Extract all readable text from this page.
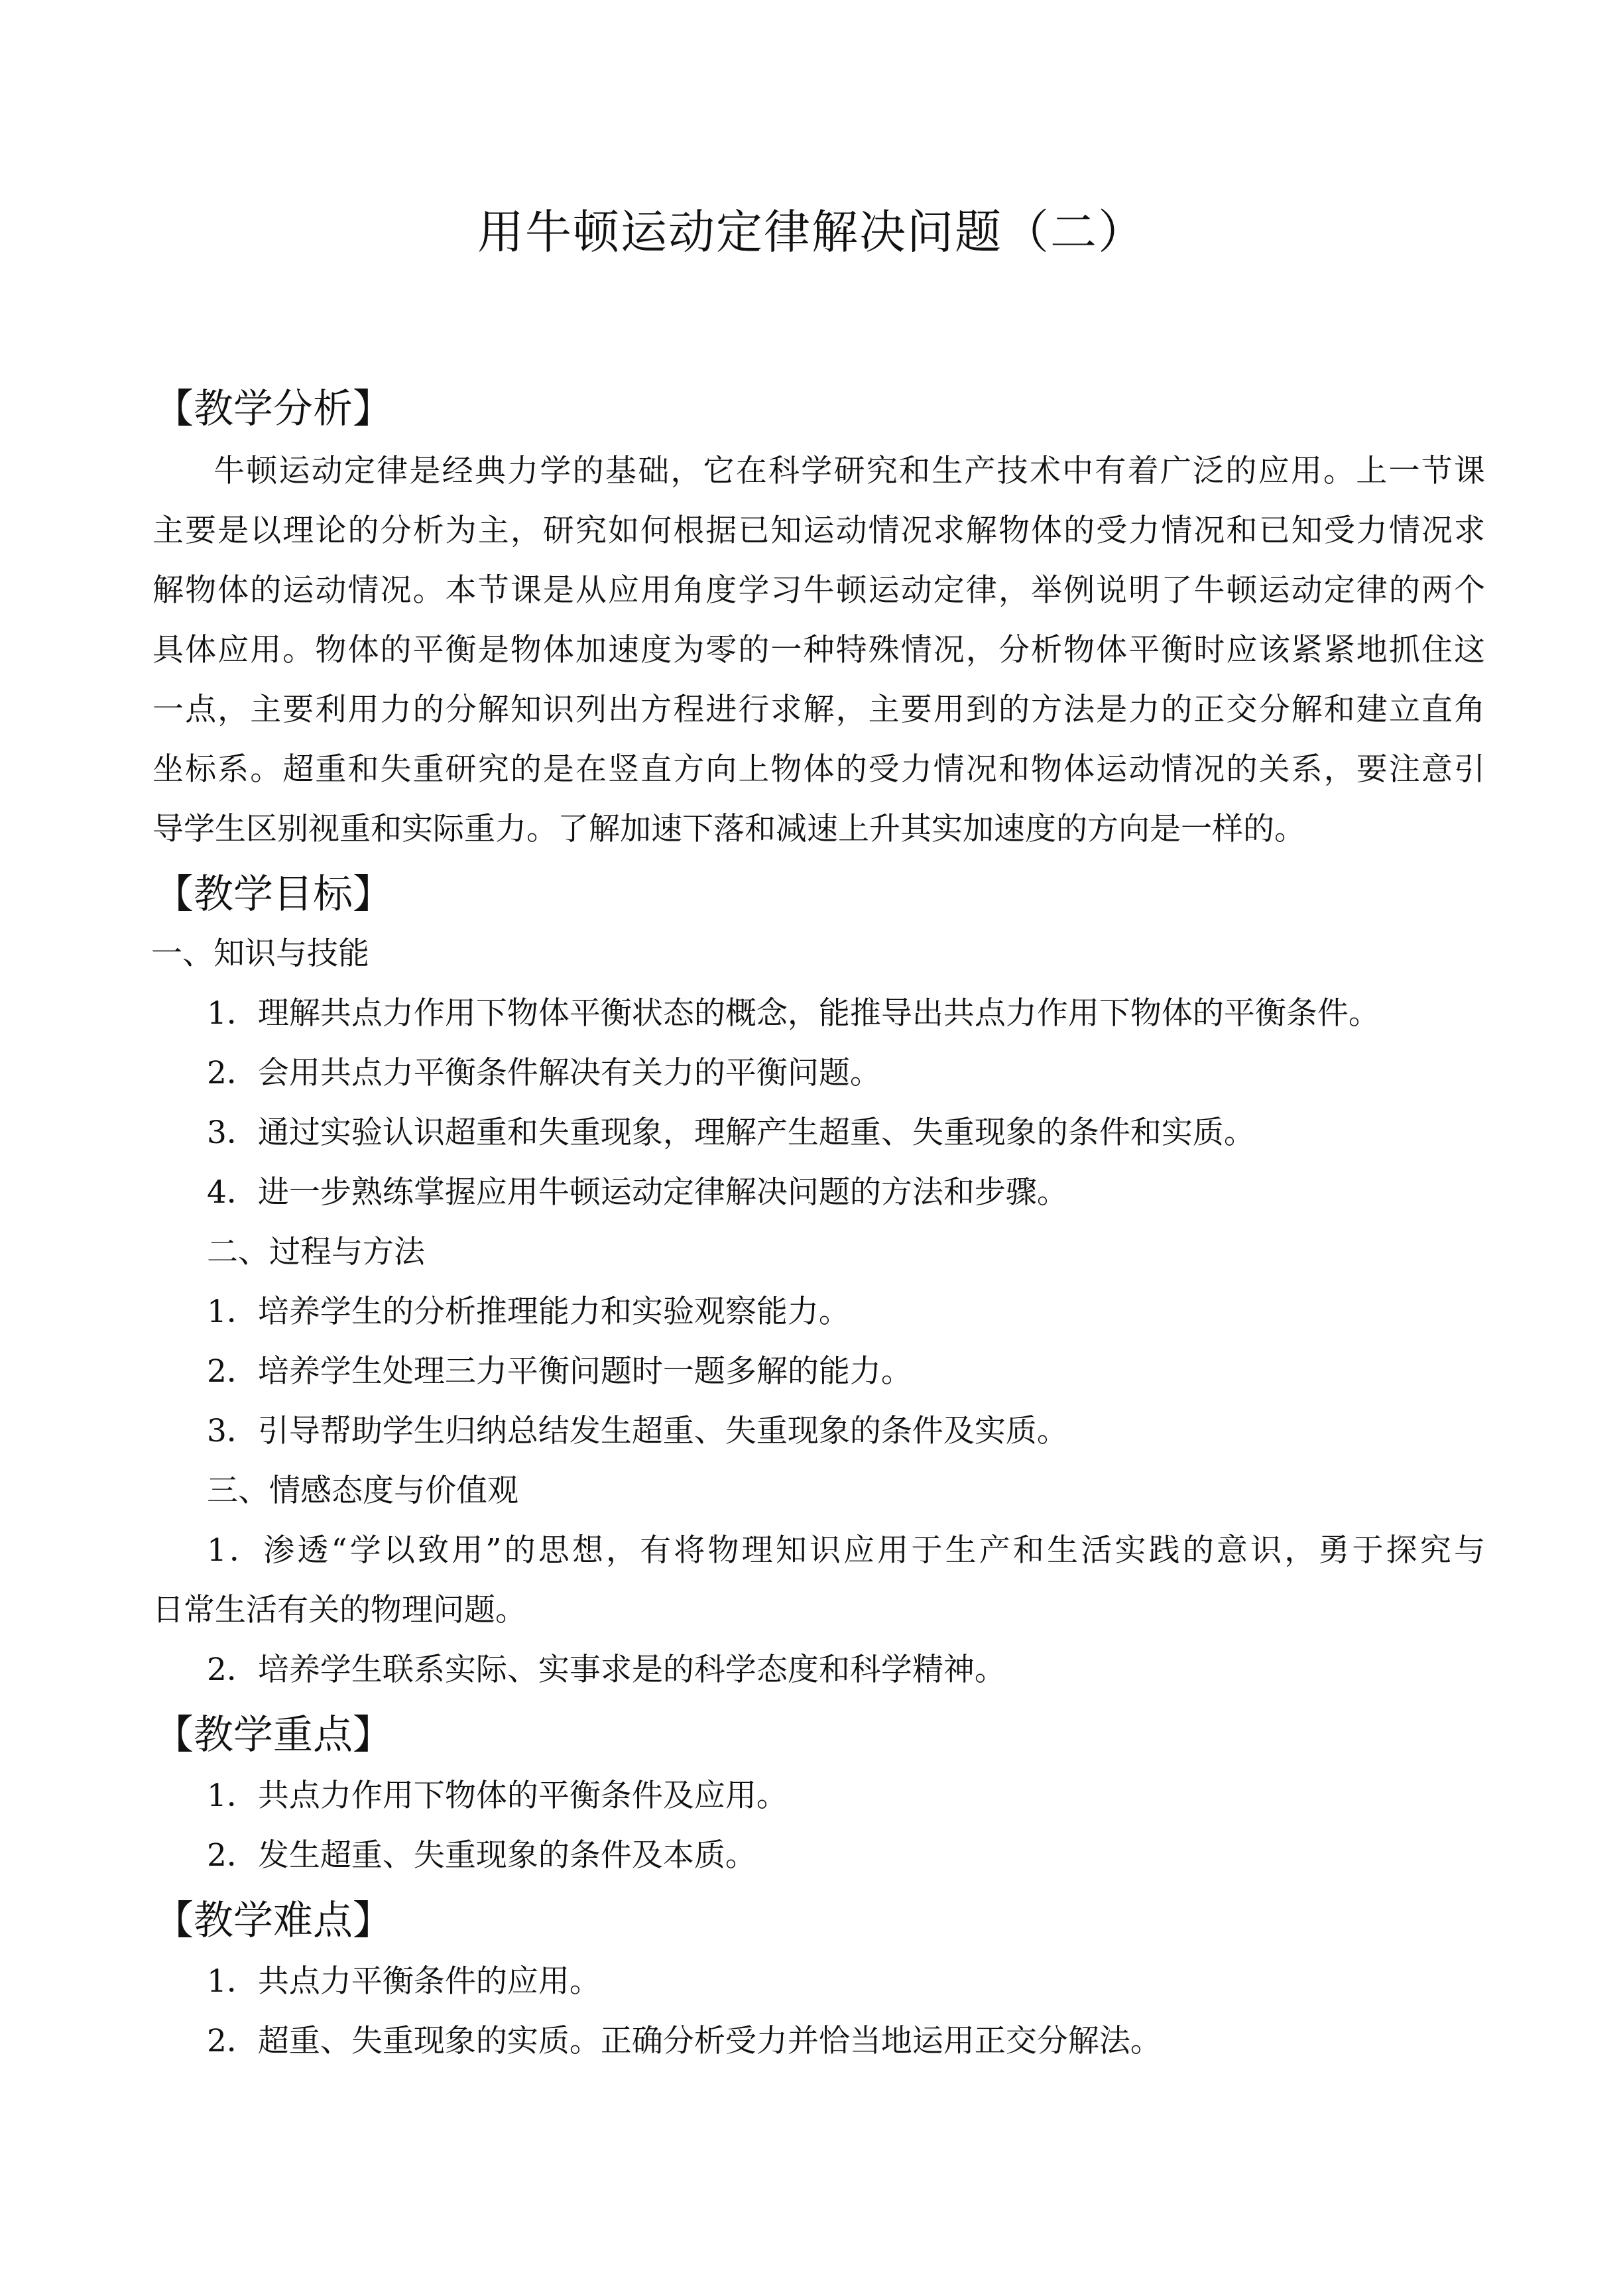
用牛顿运动定律解决问题（二）
【教学分析】
牛顿运动定律是经典力学的基础，它在科学研究和生产技术中有着广泛的应用。上一节课
主要是以理论的分析为主，研究如何根据已知运动情况求解物体的受力情况和已知受力情况求
解物体的运动情况。本节课是从应用角度学习牛顿运动定律，举例说明了牛顿运动定律的两个
具体应用。物体的平衡是物体加速度为零的一种特殊情况，分析物体平衡时应该紧紧地抓住这
一点，主要利用力的分解知识列出方程进行求解，主要用到的方法是力的正交分解和建立直角
坐标系。超重和失重研究的是在竖直方向上物体的受力情况和物体运动情况的关系，要注意引
导学生区别视重和实际重力。了解加速下落和减速上升其实加速度的方向是一样的。
【教学目标】
一、知识与技能
1．理解共点力作用下物体平衡状态的概念，能推导出共点力作用下物体的平衡条件。
2．会用共点力平衡条件解决有关力的平衡问题。
3．通过实验认识超重和失重现象，理解产生超重、失重现象的条件和实质。
4．进一步熟练掌握应用牛顿运动定律解决问题的方法和步骤。
二、过程与方法
1．培养学生的分析推理能力和实验观察能力。
2．培养学生处理三力平衡问题时一题多解的能力。
3．引导帮助学生归纳总结发生超重、失重现象的条件及实质。
三、情感态度与价值观
1．渗透“学以致用”的思想，有将物理知识应用于生产和生活实践的意识，勇于探究与
日常生活有关的物理问题。
2．培养学生联系实际、实事求是的科学态度和科学精神。
【教学重点】
1．共点力作用下物体的平衡条件及应用。
2．发生超重、失重现象的条件及本质。
【教学难点】
1．共点力平衡条件的应用。
2．超重、失重现象的实质。正确分析受力并恰当地运用正交分解法。
